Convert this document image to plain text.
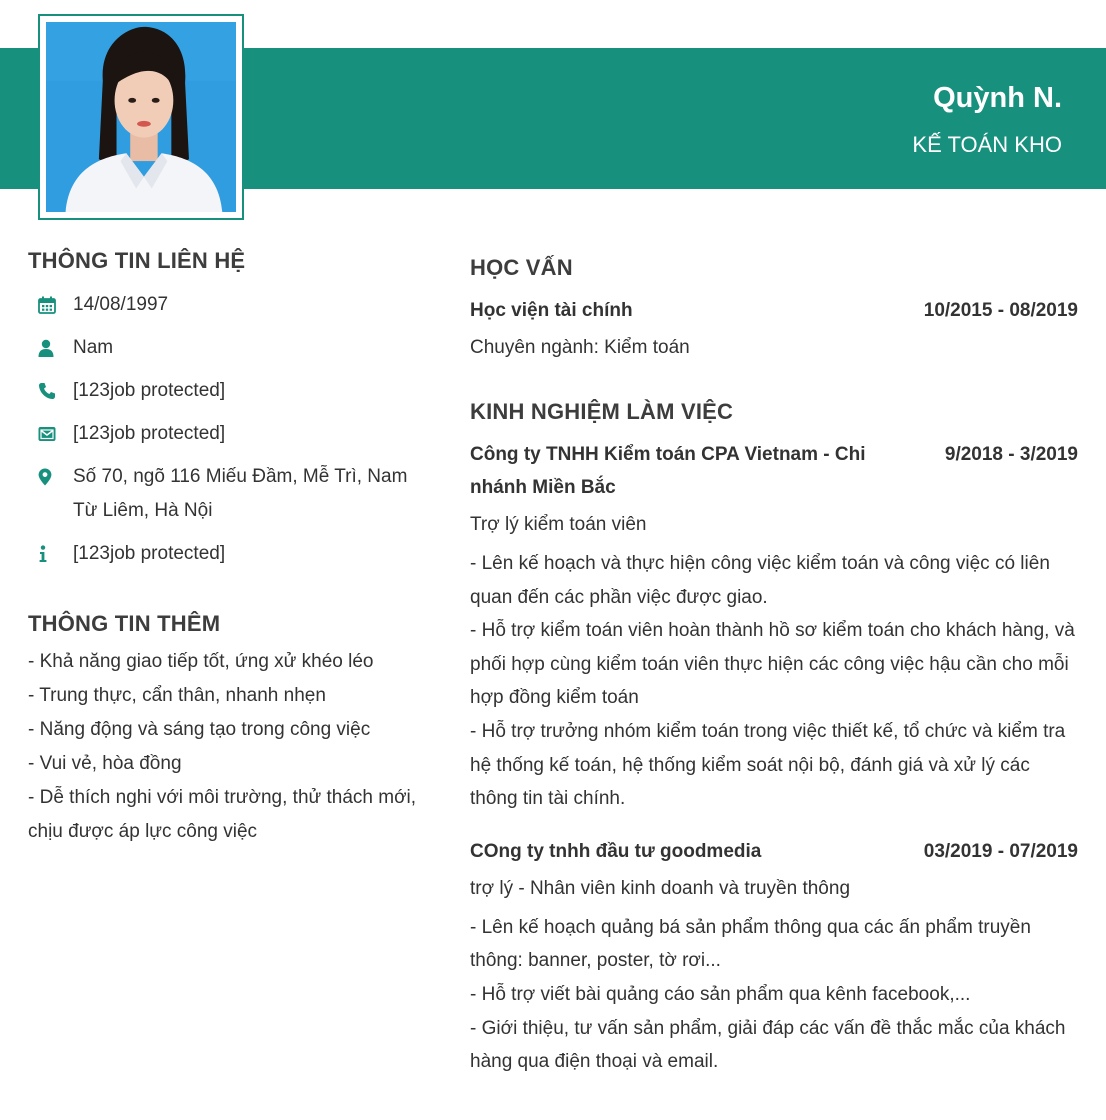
Quỳnh N.
KẾ TOÁN KHO
THÔNG TIN LIÊN HỆ
14/08/1997
Nam
[123job protected]
[123job protected]
Số 70, ngõ 116 Miếu Đầm, Mễ Trì, Nam Từ Liêm, Hà Nội
[123job protected]
THÔNG TIN THÊM
- Khả năng giao tiếp tốt, ứng xử khéo léo
- Trung thực, cẩn thân, nhanh nhẹn
- Năng động và sáng tạo trong công việc
- Vui vẻ, hòa đồng
- Dễ thích nghi với môi trường, thử thách mới, chịu được áp lực công việc
HỌC VẤN
Học viện tài chính	10/2015 - 08/2019
Chuyên ngành: Kiểm toán
KINH NGHIỆM LÀM VIỆC
Công ty TNHH Kiểm toán CPA Vietnam - Chi nhánh Miền Bắc
9/2018 - 3/2019
Trợ lý kiểm toán viên

- Lên kế hoạch và thực hiện công việc kiểm toán và công việc có liên quan đến các phần việc được giao.

- Hỗ trợ kiểm toán viên hoàn thành hồ sơ kiểm toán cho khách hàng, và phối hợp cùng kiểm toán viên thực hiện các công việc hậu cần cho mỗi hợp đồng kiểm toán

- Hỗ trợ trưởng nhóm kiểm toán trong việc thiết kế, tổ chức và kiểm tra hệ thống kế toán, hệ thống kiểm soát nội bộ, đánh giá và xử lý các thông tin tài chính.

COng ty tnhh đầu tư goodmedia	03/2019 - 07/2019
trợ lý - Nhân viên kinh doanh và truyền thông

- Lên kế hoạch quảng bá sản phẩm thông qua các ấn phẩm truyền thông: banner, poster, tờ rơi...

- Hỗ trợ viết bài quảng cáo sản phẩm qua kênh facebook,...

- Giới thiệu, tư vấn sản phẩm, giải đáp các vấn đề thắc mắc của khách hàng qua điện thoại và email.
